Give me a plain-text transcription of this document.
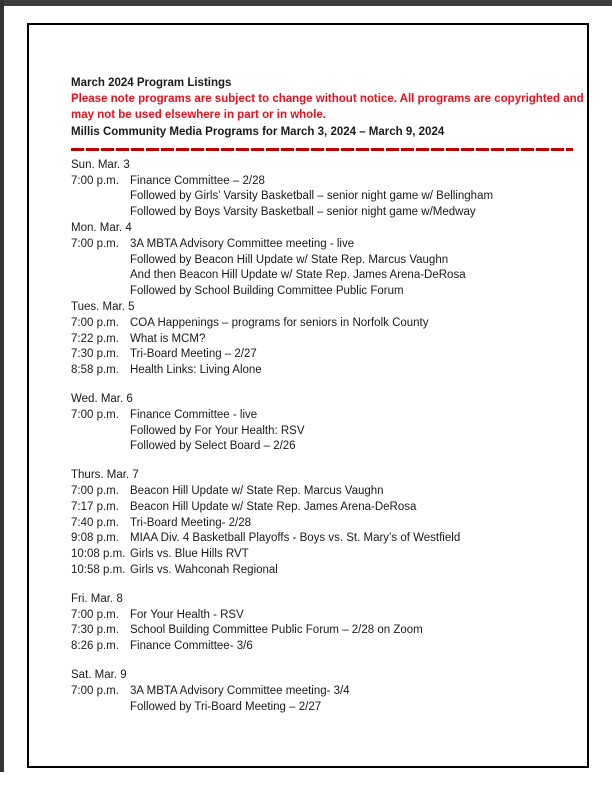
March 2024 Program Listings
Please note programs are subject to change without notice. All programs are copyrighted and
may not be used elsewhere in part or in whole.
Millis Community Media Programs for March 3, 2024 – March 9, 2024
Sun. Mar. 3
7:00 p.m. Finance Committee – 2/28
Followed by Girls’ Varsity Basketball – senior night game w/ Bellingham
Followed by Boys Varsity Basketball – senior night game w/Medway
Mon. Mar. 4
7:00 p.m. 3A MBTA Advisory Committee meeting - live
Followed by Beacon Hill Update w/ State Rep. Marcus Vaughn
And then Beacon Hill Update w/ State Rep. James Arena-DeRosa
Followed by School Building Committee Public Forum
Tues. Mar. 5
7:00 p.m. COA Happenings – programs for seniors in Norfolk County
7:22 p.m. What is MCM?
7:30 p.m. Tri-Board Meeting – 2/27
8:58 p.m. Health Links: Living Alone
Wed. Mar. 6
7:00 p.m. Finance Committee - live
Followed by For Your Health: RSV
Followed by Select Board – 2/26
Thurs. Mar. 7
7:00 p.m. Beacon Hill Update w/ State Rep. Marcus Vaughn
7:17 p.m. Beacon Hill Update w/ State Rep. James Arena-DeRosa
7:40 p.m. Tri-Board Meeting- 2/28
9:08 p.m. MIAA Div. 4 Basketball Playoffs - Boys vs. St. Mary’s of Westfield
10:08 p.m. Girls vs. Blue Hills RVT
10:58 p.m. Girls vs. Wahconah Regional
Fri. Mar. 8
7:00 p.m. For Your Health - RSV
7:30 p.m. School Building Committee Public Forum – 2/28 on Zoom
8:26 p.m. Finance Committee- 3/6
Sat. Mar. 9
7:00 p.m. 3A MBTA Advisory Committee meeting- 3/4
Followed by Tri-Board Meeting – 2/27
